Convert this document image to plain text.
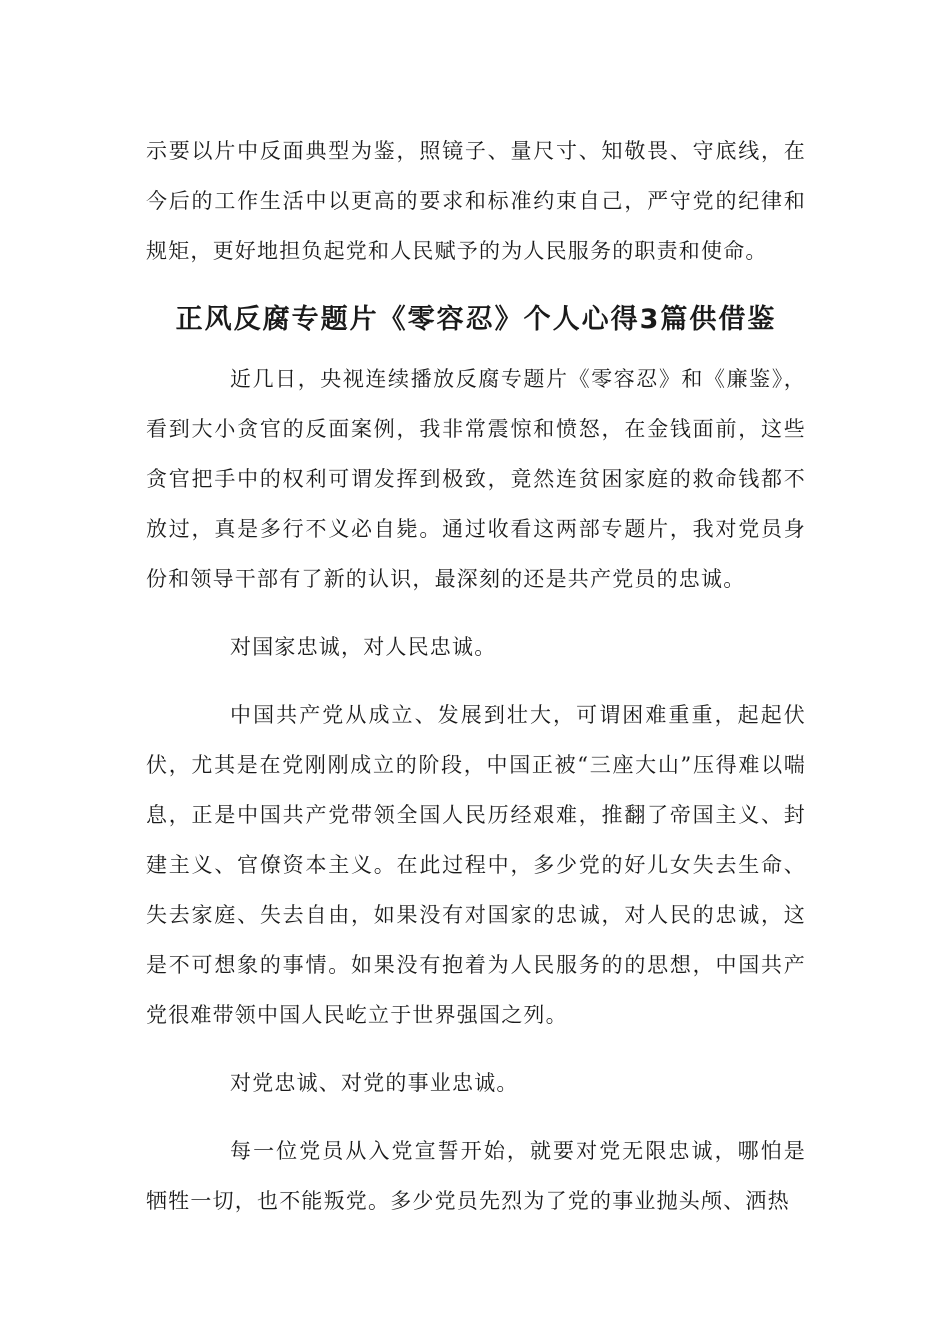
示要以片中反面典型为鉴，照镜子、量尺寸、知敬畏、守底线，在今后的工作生活中以更高的要求和标准约束自己，严守党的纪律和规矩，更好地担负起党和人民赋予的为人民服务的职责和使命。

正风反腐专题片《零容忍》个人心得3篇供借鉴

近几日，央视连续播放反腐专题片《零容忍》和《廉鉴》，看到大小贪官的反面案例，我非常震惊和愤怒，在金钱面前，这些贪官把手中的权利可谓发挥到极致，竟然连贫困家庭的救命钱都不放过，真是多行不义必自毙。通过收看这两部专题片，我对党员身份和领导干部有了新的认识，最深刻的还是共产党员的忠诚。

对国家忠诚，对人民忠诚。

中国共产党从成立、发展到壮大，可谓困难重重，起起伏伏，尤其是在党刚刚成立的阶段，中国正被“三座大山”压得难以喘息，正是中国共产党带领全国人民历经艰难，推翻了帝国主义、封建主义、官僚资本主义。在此过程中，多少党的好儿女失去生命、失去家庭、失去自由，如果没有对国家的忠诚，对人民的忠诚，这是不可想象的事情。如果没有抱着为人民服务的的思想，中国共产党很难带领中国人民屹立于世界强国之列。

对党忠诚、对党的事业忠诚。

每一位党员从入党宣誓开始，就要对党无限忠诚，哪怕是牺牲一切，也不能叛党。多少党员先烈为了党的事业抛头颅、洒热
